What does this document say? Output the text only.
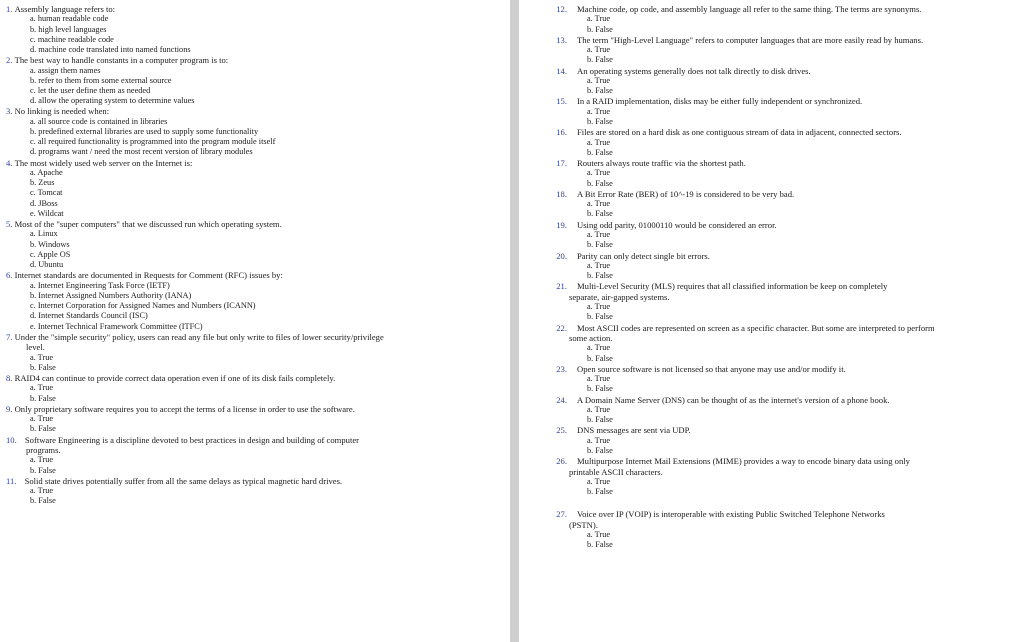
1. Assembly language refers to:
a. human readable code
b. high level languages
c. machine readable code
d. machine code translated into named functions
2. The best way to handle constants in a computer program is to:
a. assign them names
b. refer to them from some external source
c. let the user define them as needed
d. allow the operating system to determine values
3. No linking is needed when:
a. all source code is contained in libraries
b. predefined external libraries are used to supply some functionality
c. all required functionality is programmed into the program module itself
d. programs want / need the most recent version of library modules
4. The most widely used web server on the Internet is:
a. Apache
b. Zeus
c. Tomcat
d. JBoss
e. Wildcat
5. Most of the "super computers" that we discussed run which operating system.
a. Linux
b. Windows
c. Apple OS
d. Ubuntu
6. Internet standards are documented in Requests for Comment (RFC) issues by:
a. Internet Engineering Task Force (IETF)
b. Internet Assigned Numbers Authority (IANA)
c. Internet Corporation for Assigned Names and Numbers (ICANN)
d. Internet Standards Council (ISC)
e. Internet Technical Framework Committee (ITFC)
7. Under the "simple security" policy, users can read any file but only write to files of lower security/privilege
level.
a. True
b. False
8. RAID4 can continue to provide correct data operation even if one of its disk fails completely.
a. True
b. False
9. Only proprietary software requires you to accept the terms of a license in order to use the software.
a. True
b. False
10. Software Engineering is a discipline devoted to best practices in design and building of computer
programs.
a. True
b. False
11. Solid state drives potentially suffer from all the same delays as typical magnetic hard drives.
a. True
b. False
12.	Machine code, op code, and assembly language all refer to the same thing. The terms are synonyms.
a. True
b. False
13.	The term "High-Level Language" refers to computer languages that are more easily read by humans.
a. True
b. False
14.	An operating systems generally does not talk directly to disk drives.
a. True
b. False
15.	In a RAID implementation, disks may be either fully independent or synchronized.
a. True
b. False
16.	Files are stored on a hard disk as one contiguous stream of data in adjacent, connected sectors.
a. True
b. False
17.	Routers always route traffic via the shortest path.
a. True
b. False
18.	A Bit Error Rate (BER) of 10^-19 is considered to be very bad.
a. True
b. False
19.	Using odd parity, 01000110 would be considered an error.
a. True
b. False
20.	Parity can only detect single bit errors.
a. True
b. False
21.	Multi-Level Security (MLS) requires that all classified information be keep on completely
separate, air-gapped systems.
a. True
b. False
22.	Most ASCII codes are represented on screen as a specific character. But some are interpreted to perform
some action.
a. True
b. False
23.	Open source software is not licensed so that anyone may use and/or modify it.
a. True
b. False
24.	A Domain Name Server (DNS) can be thought of as the internet's version of a phone book.
a. True
b. False
25.	DNS messages are sent via UDP.
a. True
b. False
26.	Multipurpose Internet Mail Extensions (MIME) provides a way to encode binary data using only
printable ASCII characters.
a. True
b. False
27.	Voice over IP (VOIP) is interoperable with existing Public Switched Telephone Networks
(PSTN).
a. True
b. False
